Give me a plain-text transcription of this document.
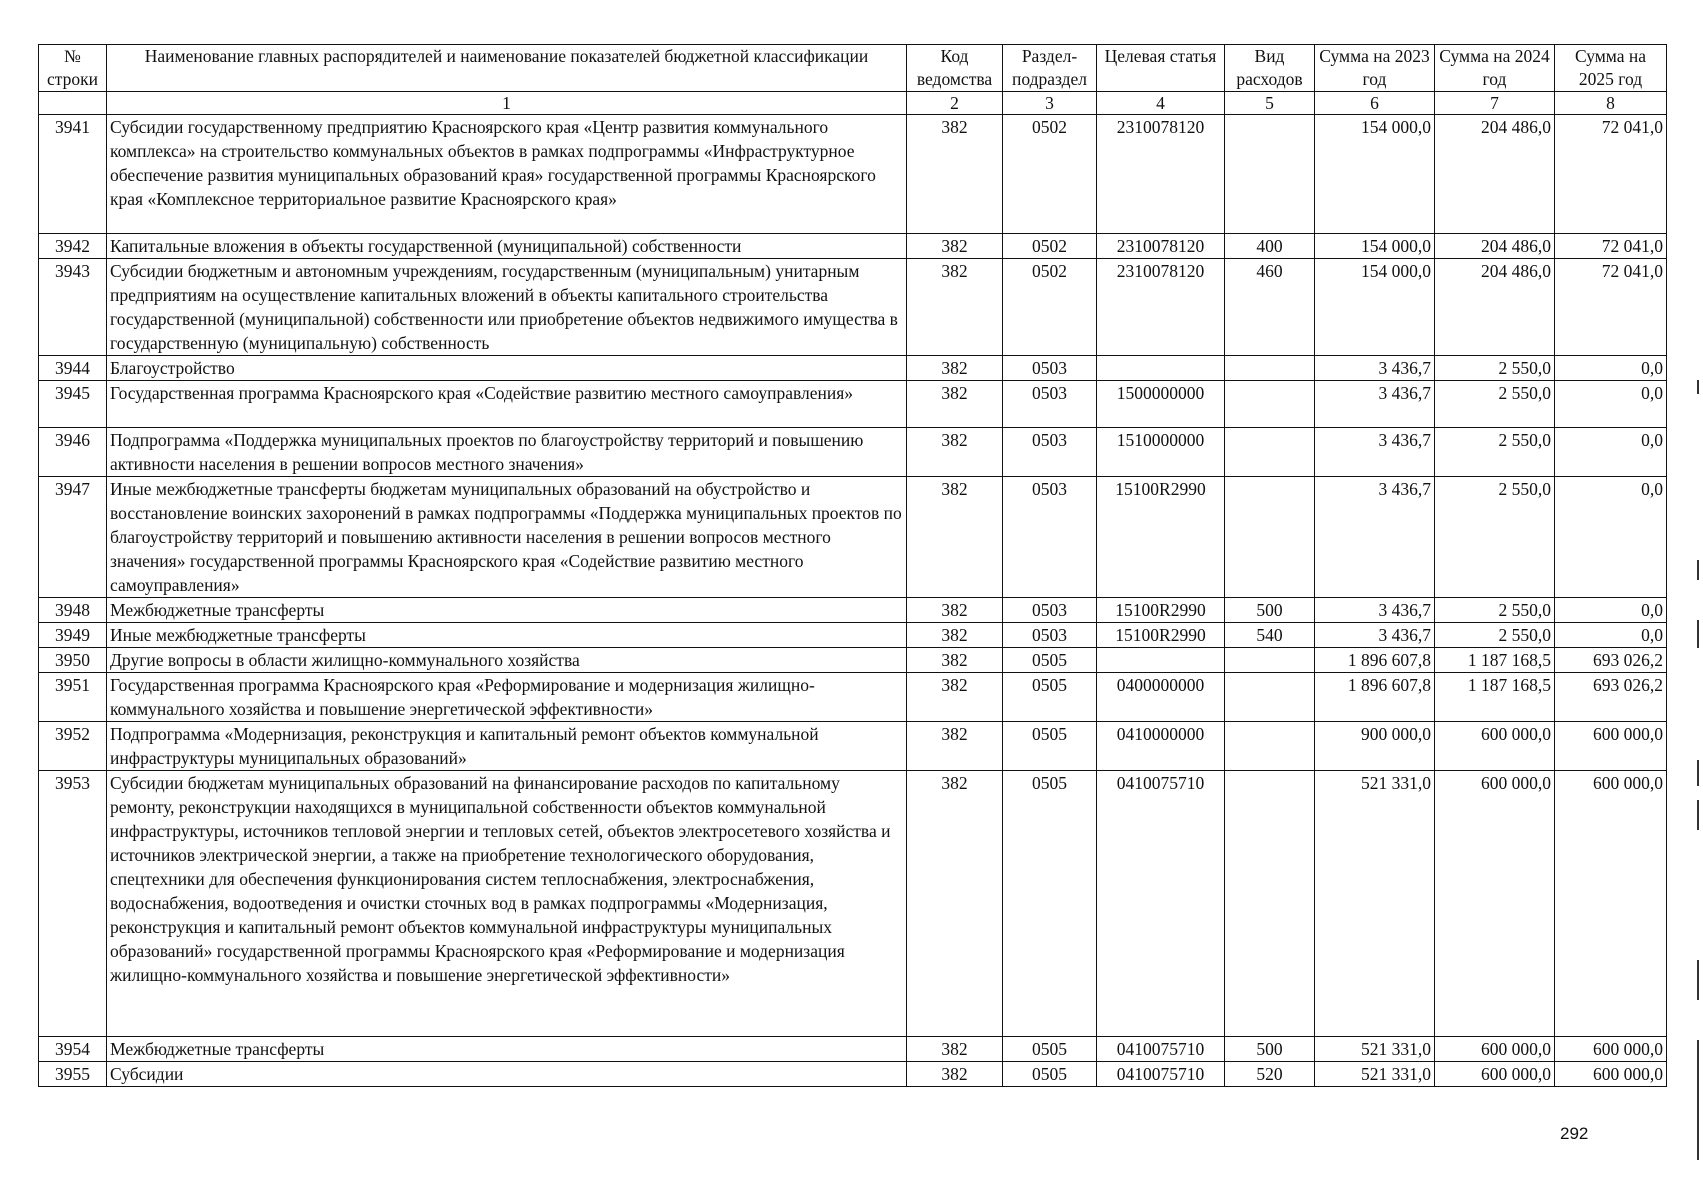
№ строки	Наименование главных распорядителей и наименование показателей бюджетной классификации	Код ведомства	Раздел-подраздел	Целевая статья	Вид расходов	Сумма на 2023 год	Сумма на 2024 год	Сумма на 2025 год
	1	2	3	4	5	6	7	8
3941	Субсидии государственному предприятию Красноярского края «Центр развития коммунального комплекса» на строительство коммунальных объектов в рамках подпрограммы «Инфраструктурное обеспечение развития муниципальных образований края» государственной программы Красноярского края «Комплексное территориальное развитие Красноярского края»	382	0502	2310078120		154 000,0	204 486,0	72 041,0
3942	Капитальные вложения в объекты государственной (муниципальной) собственности	382	0502	2310078120	400	154 000,0	204 486,0	72 041,0
3943	Субсидии бюджетным и автономным учреждениям, государственным (муниципальным) унитарным предприятиям на осуществление капитальных вложений в объекты капитального строительства государственной (муниципальной) собственности или приобретение объектов недвижимого имущества в государственную (муниципальную) собственность	382	0502	2310078120	460	154 000,0	204 486,0	72 041,0
3944	Благоустройство	382	0503			3 436,7	2 550,0	0,0
3945	Государственная программа Красноярского края «Содействие развитию местного самоуправления»	382	0503	1500000000		3 436,7	2 550,0	0,0
3946	Подпрограмма «Поддержка муниципальных проектов по благоустройству территорий и повышению активности населения в решении вопросов местного значения»	382	0503	1510000000		3 436,7	2 550,0	0,0
3947	Иные межбюджетные трансферты бюджетам муниципальных образований на обустройство и восстановление воинских захоронений в рамках подпрограммы «Поддержка муниципальных проектов по благоустройству территорий и повышению активности населения в решении вопросов местного значения» государственной программы Красноярского края «Содействие развитию местного самоуправления»	382	0503	15100R2990		3 436,7	2 550,0	0,0
3948	Межбюджетные трансферты	382	0503	15100R2990	500	3 436,7	2 550,0	0,0
3949	Иные межбюджетные трансферты	382	0503	15100R2990	540	3 436,7	2 550,0	0,0
3950	Другие вопросы в области жилищно-коммунального хозяйства	382	0505			1 896 607,8	1 187 168,5	693 026,2
3951	Государственная программа Красноярского края «Реформирование и модернизация жилищно-коммунального хозяйства и повышение энергетической эффективности»	382	0505	0400000000		1 896 607,8	1 187 168,5	693 026,2
3952	Подпрограмма «Модернизация, реконструкция и капитальный ремонт объектов коммунальной инфраструктуры муниципальных образований»	382	0505	0410000000		900 000,0	600 000,0	600 000,0
3953	Субсидии бюджетам муниципальных образований на финансирование расходов по капитальному ремонту, реконструкции находящихся в муниципальной собственности объектов коммунальной инфраструктуры, источников тепловой энергии и тепловых сетей, объектов электросетевого хозяйства и источников электрической энергии, а также на приобретение технологического оборудования, спецтехники для обеспечения функционирования систем теплоснабжения, электроснабжения, водоснабжения, водоотведения и очистки сточных вод в рамках подпрограммы «Модернизация, реконструкция и капитальный ремонт объектов коммунальной инфраструктуры муниципальных образований» государственной программы Красноярского края «Реформирование и модернизация жилищно-коммунального хозяйства и повышение энергетической эффективности»	382	0505	0410075710		521 331,0	600 000,0	600 000,0
3954	Межбюджетные трансферты	382	0505	0410075710	500	521 331,0	600 000,0	600 000,0
3955	Субсидии	382	0505	0410075710	520	521 331,0	600 000,0	600 000,0
292
